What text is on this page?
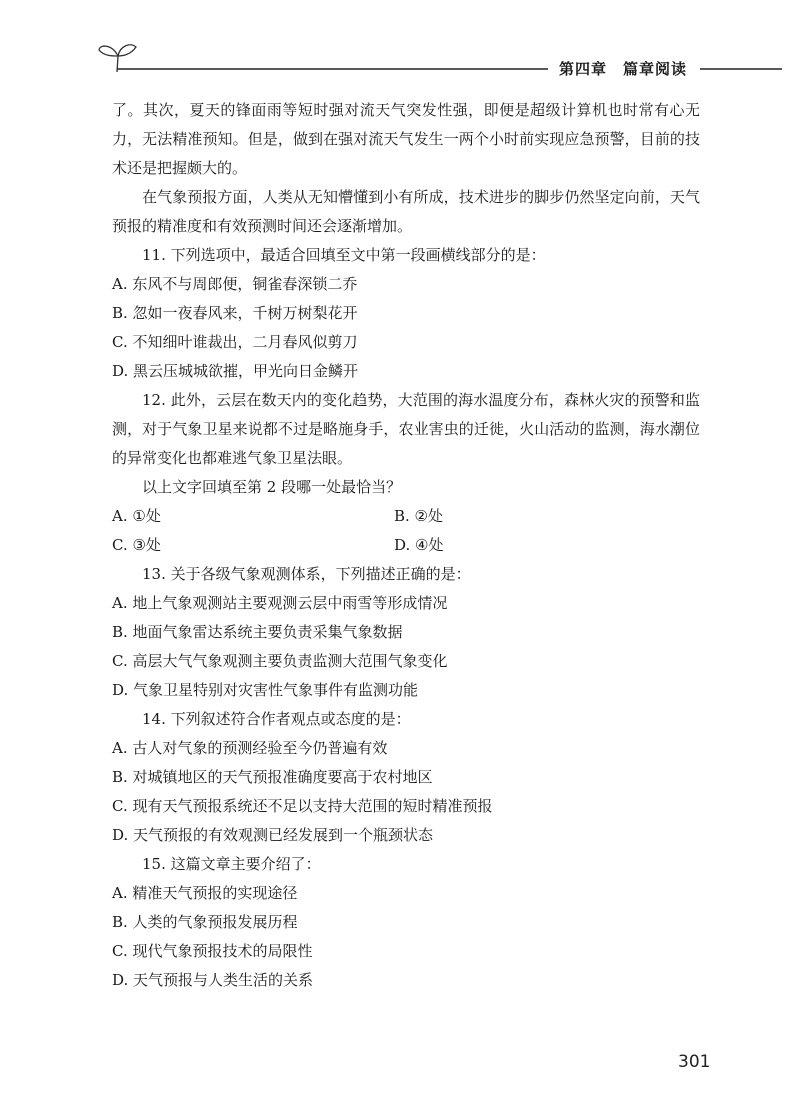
第四章　篇章阅读

了。其次，夏天的锋面雨等短时强对流天气突发性强，即便是超级计算机也时常有心无力，无法精准预知。但是，做到在强对流天气发生一两个小时前实现应急预警，目前的技术还是把握颇大的。

在气象预报方面，人类从无知懵懂到小有所成，技术进步的脚步仍然坚定向前，天气预报的精准度和有效预测时间还会逐渐增加。

11. 下列选项中，最适合回填至文中第一段画横线部分的是：

A. 东风不与周郎便，铜雀春深锁二乔

B. 忽如一夜春风来，千树万树梨花开

C. 不知细叶谁裁出，二月春风似剪刀

D. 黑云压城城欲摧，甲光向日金鳞开

12. 此外，云层在数天内的变化趋势，大范围的海水温度分布，森林火灾的预警和监测，对于气象卫星来说都不过是略施身手，农业害虫的迁徙，火山活动的监测，海水潮位的异常变化也都难逃气象卫星法眼。

以上文字回填至第 2 段哪一处最恰当？

A. ①处	B. ②处
C. ③处	D. ④处

13. 关于各级气象观测体系，下列描述正确的是：

A. 地上气象观测站主要观测云层中雨雪等形成情况

B. 地面气象雷达系统主要负责采集气象数据

C. 高层大气气象观测主要负责监测大范围气象变化

D. 气象卫星特别对灾害性气象事件有监测功能

14. 下列叙述符合作者观点或态度的是：

A. 古人对气象的预测经验至今仍普遍有效

B. 对城镇地区的天气预报准确度要高于农村地区

C. 现有天气预报系统还不足以支持大范围的短时精准预报

D. 天气预报的有效观测已经发展到一个瓶颈状态

15. 这篇文章主要介绍了：

A. 精准天气预报的实现途径

B. 人类的气象预报发展历程

C. 现代气象预报技术的局限性

D. 天气预报与人类生活的关系

301
